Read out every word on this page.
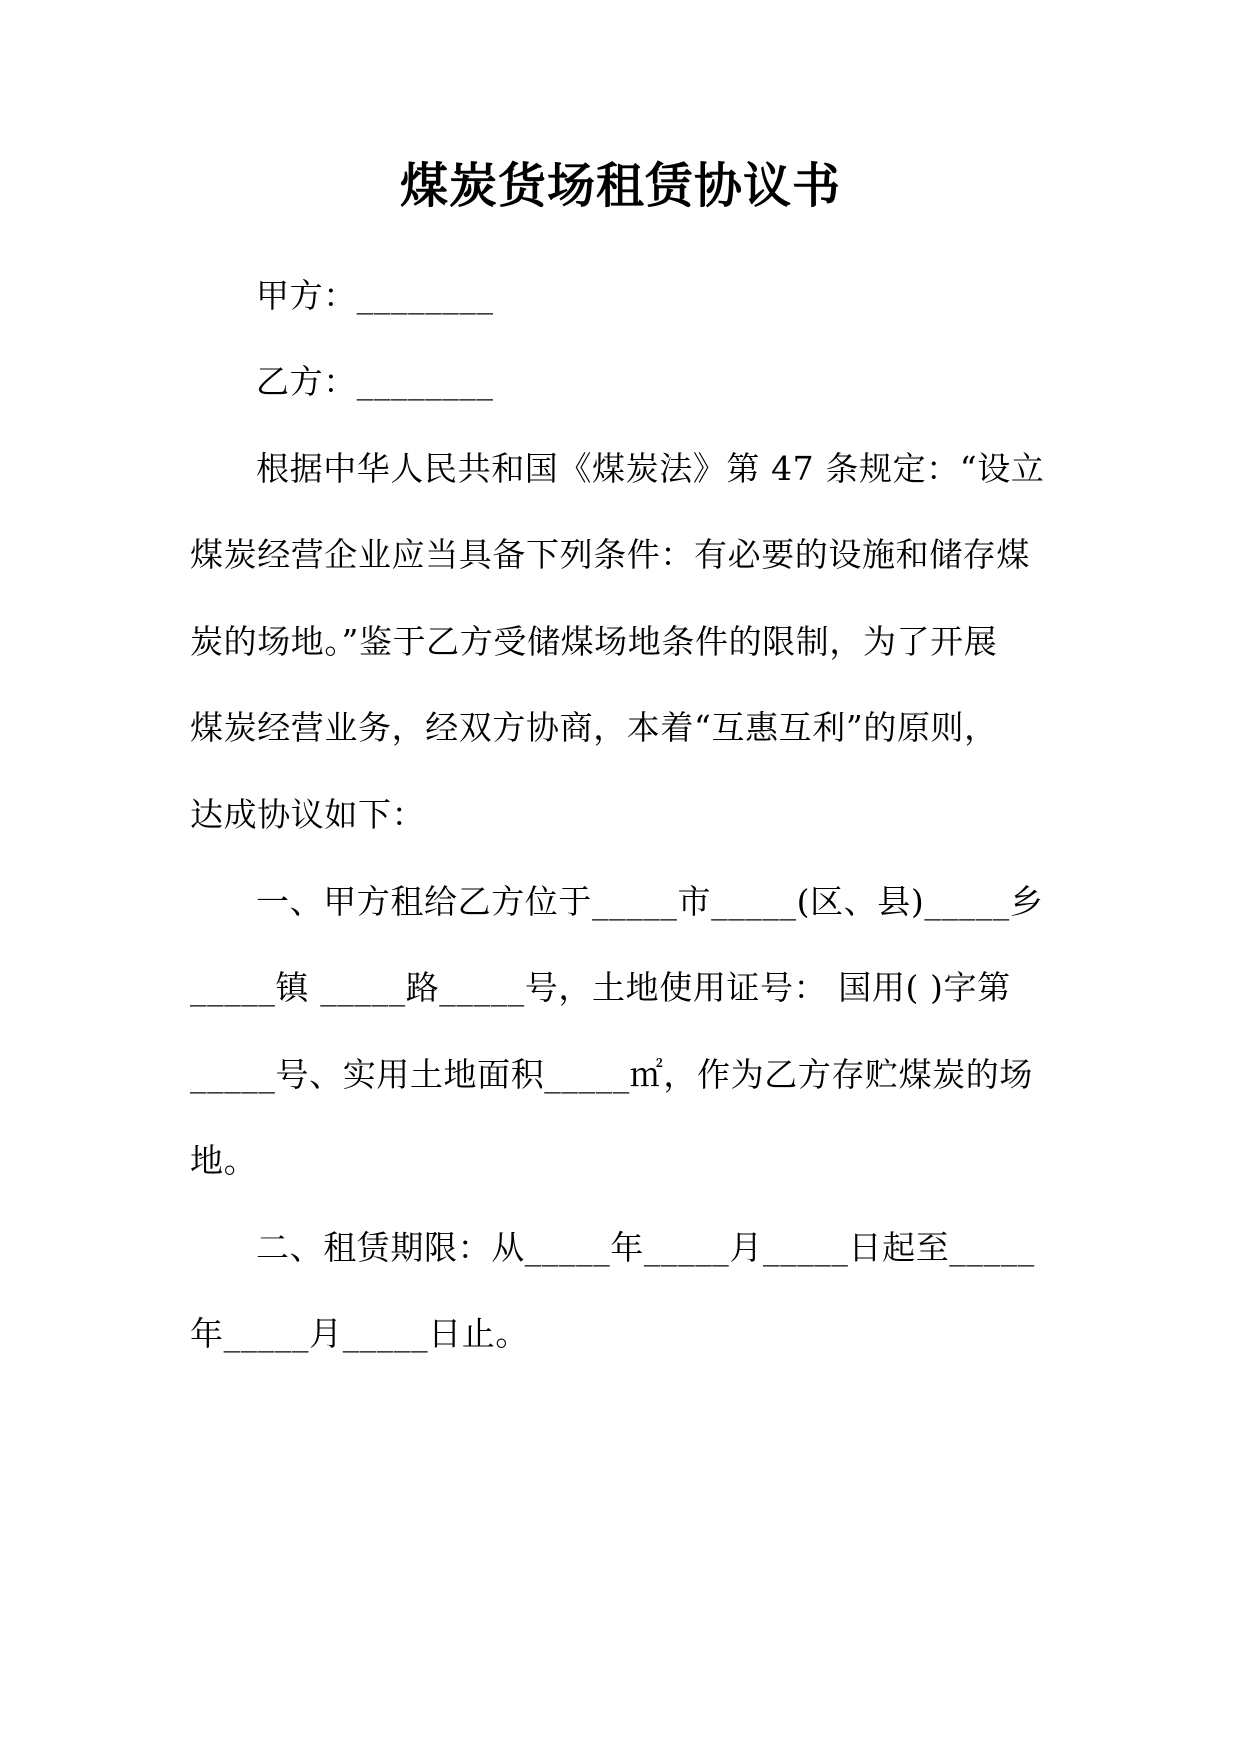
煤炭货场租赁协议书
甲方：________
乙方：________
根据中华人民共和国《煤炭法》第 47 条规定：“设立
煤炭经营企业应当具备下列条件：有必要的设施和储存煤
炭的场地。”鉴于乙方受储煤场地条件的限制，为了开展
煤炭经营业务，经双方协商，本着“互惠互利”的原则，
达成协议如下：
一、甲方租给乙方位于_____市_____(区、县)_____乡
_____镇 _____路_____号，土地使用证号： 国用( )字第
_____号、实用土地面积_____㎡，作为乙方存贮煤炭的场
地。
二、租赁期限：从_____年_____月_____日起至_____
年_____月_____日止。
